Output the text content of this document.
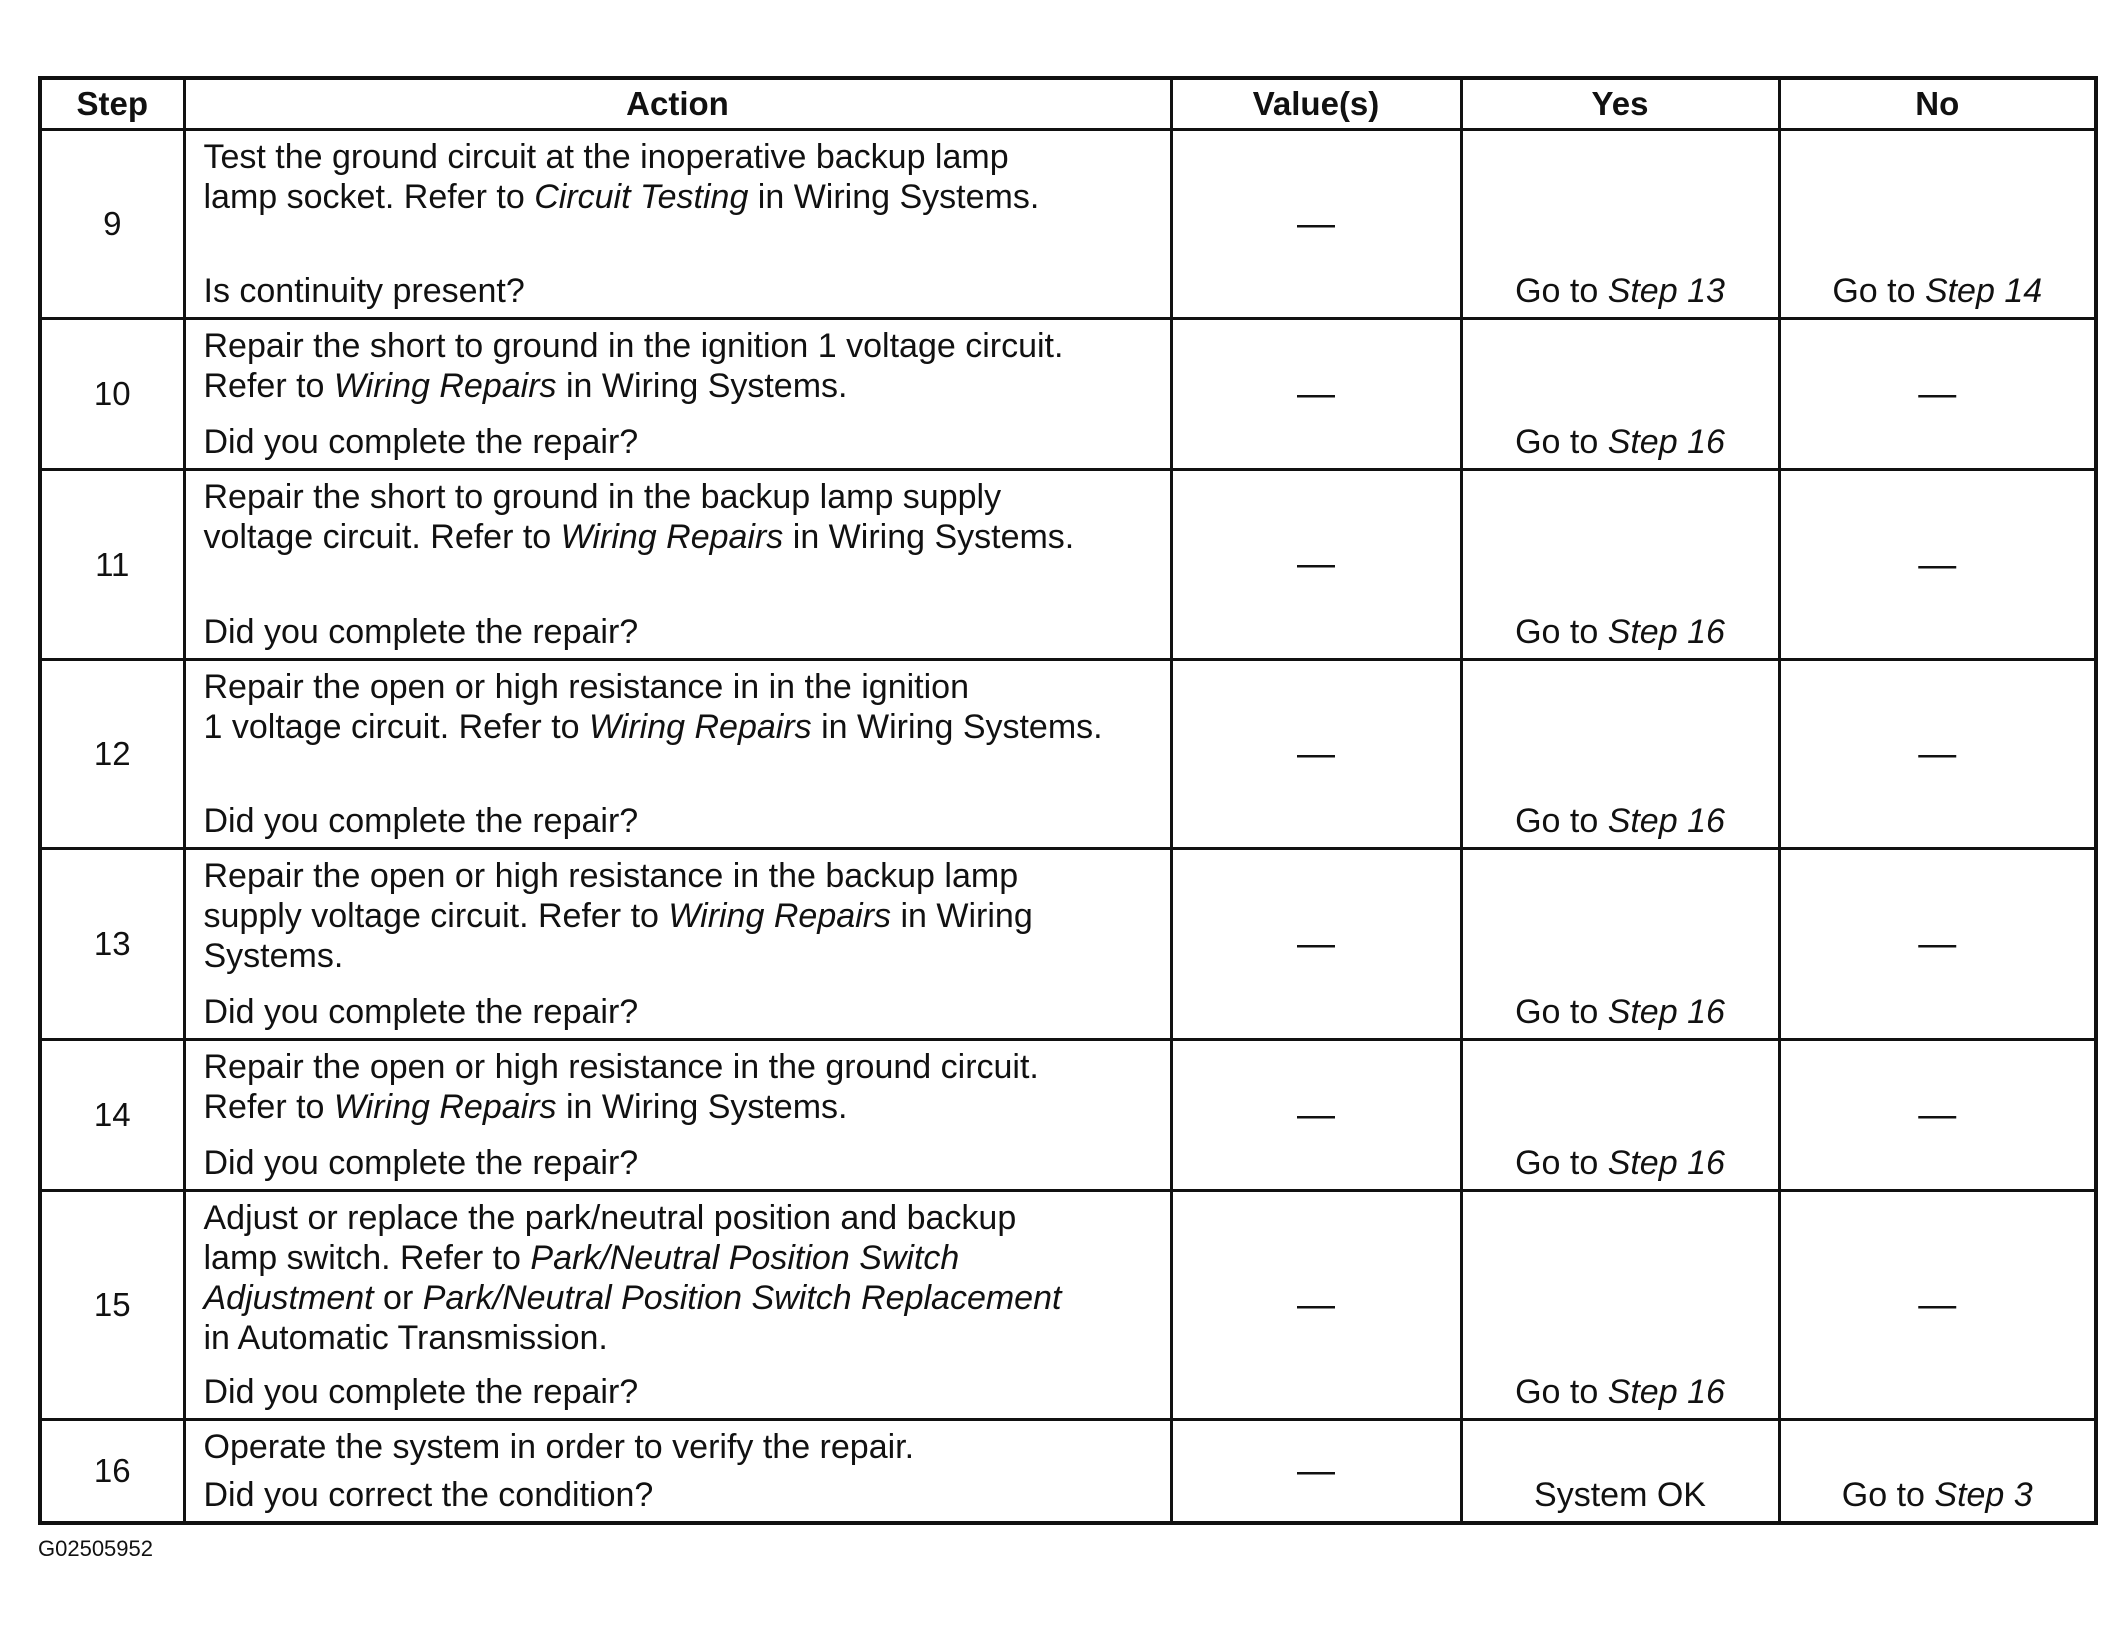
Step	Action	Value(s)	Yes	No
9	Test the ground circuit at the inoperative backup lamp
lamp socket. Refer to Circuit Testing in Wiring Systems.
Is continuity present?	—	Go to Step 13	Go to Step 14

10	Repair the short to ground in the ignition 1 voltage circuit.
Refer to Wiring Repairs in Wiring Systems.
Did you complete the repair?	—	Go to Step 16	—

11	Repair the short to ground in the backup lamp supply
voltage circuit. Refer to Wiring Repairs in Wiring Systems.
Did you complete the repair?	—	Go to Step 16	—

12	Repair the open or high resistance in in the ignition
1 voltage circuit. Refer to Wiring Repairs in Wiring Systems.
Did you complete the repair?	—	Go to Step 16	—

13	Repair the open or high resistance in the backup lamp
supply voltage circuit. Refer to Wiring Repairs in Wiring
Systems.
Did you complete the repair?	—	Go to Step 16	—

14	Repair the open or high resistance in the ground circuit.
Refer to Wiring Repairs in Wiring Systems.
Did you complete the repair?	—	Go to Step 16	—

15	Adjust or replace the park/neutral position and backup
lamp switch. Refer to Park/Neutral Position Switch
Adjustment or Park/Neutral Position Switch Replacement
in Automatic Transmission.
Did you complete the repair?	—	Go to Step 16	—

16	Operate the system in order to verify the repair.
Did you correct the condition?	—	System OK	Go to Step 3
G02505952
